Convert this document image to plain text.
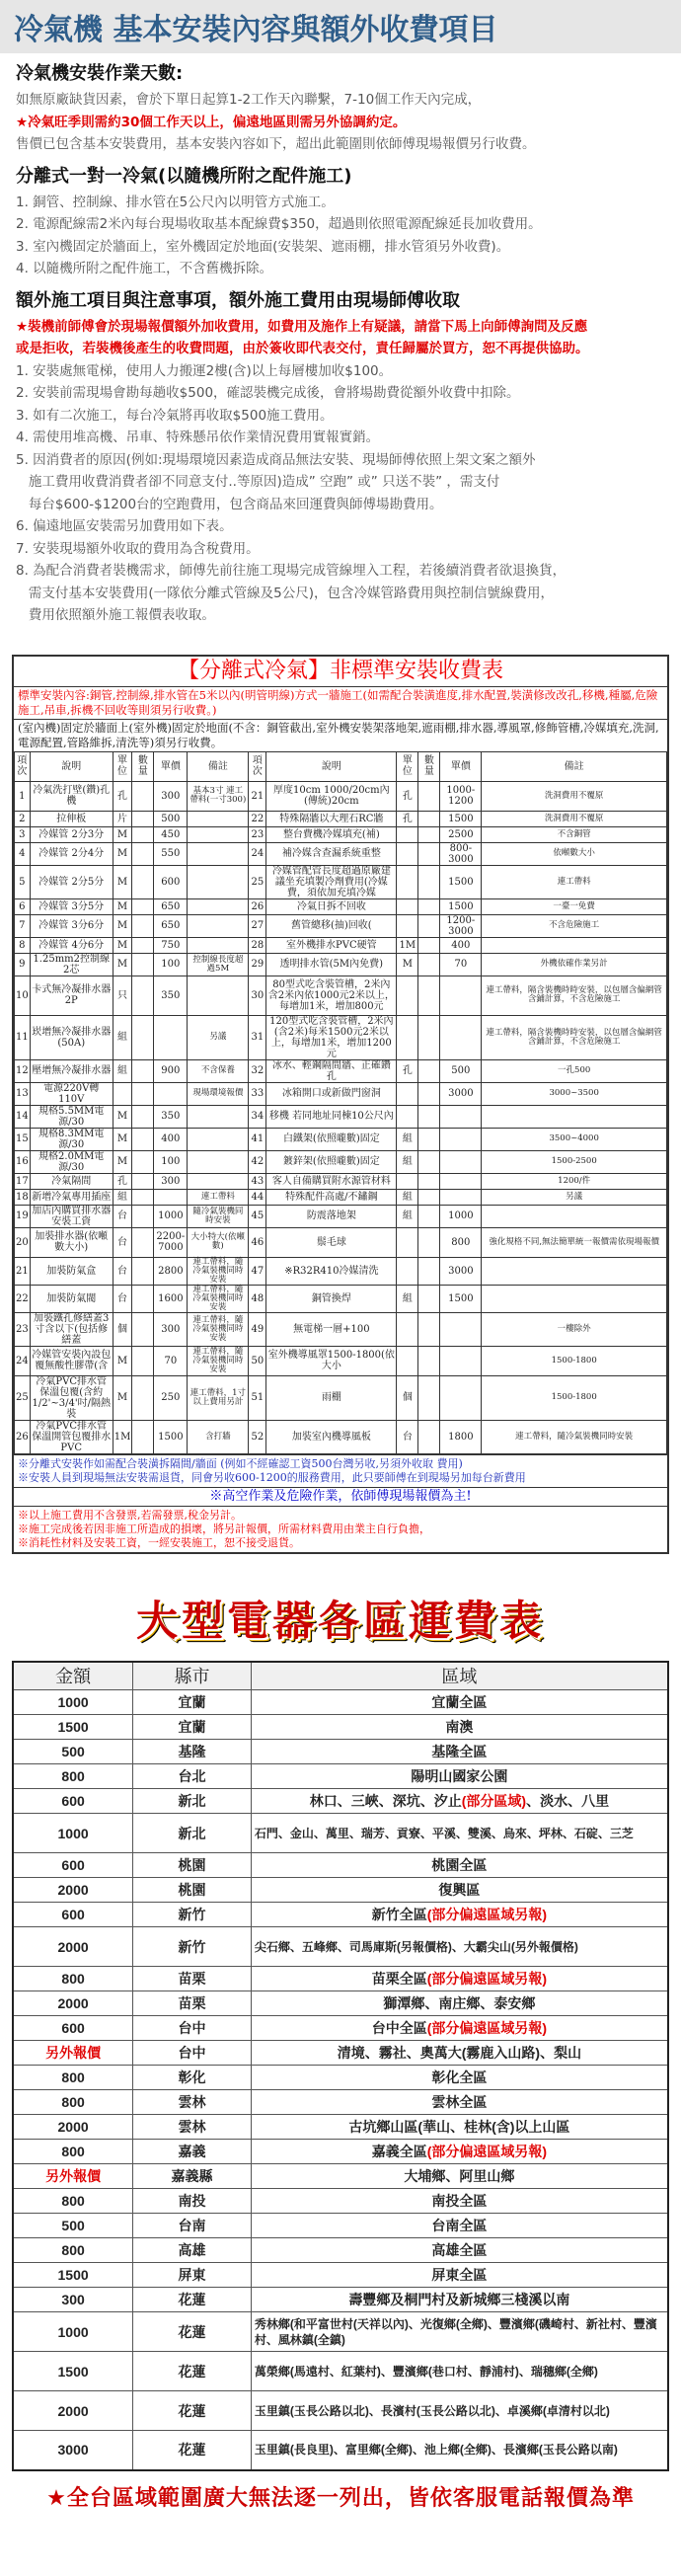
冷氣機 基本安裝內容與額外收費項目
冷氣機安裝作業天數:
如無原廠缺貨因素，會於下單日起算1-2工作天內聯繫，7-10個工作天內完成，
★冷氣旺季則需約30個工作天以上，偏遠地區則需另外協調約定。
售價已包含基本安裝費用，基本安裝內容如下，超出此範圍則依師傅現場報價另行收費。
分離式一對一冷氣(以隨機所附之配件施工)
1. 銅管、控制線、排水管在5公尺內以明管方式施工。
2. 電源配線需2米內每台現場收取基本配線費$350，超過則依照電源配線延長加收費用。
3. 室內機固定於牆面上，室外機固定於地面(安裝架、遮雨棚，排水管須另外收費)。
4. 以隨機所附之配件施工，不含舊機拆除。
額外施工項目與注意事項，額外施工費用由現場師傅收取
★裝機前師傅會於現場報價額外加收費用，如費用及施作上有疑議，請當下馬上向師傅詢問及反應
或是拒收，若裝機後產生的收費問題，由於簽收即代表交付，責任歸屬於買方，恕不再提供協助。
1. 安裝處無電梯，使用人力搬運2樓(含)以上每層樓加收$100。
2. 安裝前需現場會勘每趟收$500，確認裝機完成後，會將場勘費從額外收費中扣除。
3. 如有二次施工，每台冷氣將再收取$500施工費用。
4. 需使用堆高機、吊車、特殊懸吊依作業情況費用實報實銷。
5. 因消費者的原因(例如:現場環境因素造成商品無法安裝、現場師傅依照上架文案之額外
施工費用收費消費者卻不同意支付..等原因)造成” 空跑” 或” 只送不裝” ，需支付
每台$600-$1200台的空跑費用，包含商品來回運費與師傅場勘費用。
6. 偏遠地區安裝需另加費用如下表。
7. 安裝現場額外收取的費用為含稅費用。
8. 為配合消費者裝機需求，師傅先前往施工現場完成管線埋入工程，若後續消費者欲退換貨，
需支付基本安裝費用(一隊依分離式管線及5公尺)，包含冷媒管路費用與控制信號線費用，
費用依照額外施工報價表收取。
【分離式冷氣】非標準安裝收費表
標準安裝內容:銅管,控制線,排水管在5米以內(明管明線)方式一牆施工(如需配合裝潢進度,排水配置,裝潢修改改孔,移機,種屬,危險施工,吊車,拆機不回收等則須另行收費。)
(室內機)固定於牆面上(室外機)固定於地面(不含：銅管截出,室外機安裝架落地架,遮雨棚,排水器,導風罩,修飾管槽,冷媒填充,洗洞,電源配置,管路維拆,清洗等)須另行收費。
項次	說明	單位	數量	單價	備註	項次	說明	單位	數量	單價	備註
1	冷氣洗打壁(鑽)孔機	孔		300	基本3寸 連工帶料(一寸300)	21	厚度10cm 1000/20cm內(傳統)20cm	孔		1000-1200	洗洞費用不覆原
2	拉伸板	片		500		22	特殊隔牆以大理石RC牆	孔		1500	洗洞費用不覆原
3	冷媒管 2分3分	M		450		23	整台費機冷媒填充(補)			2500	不含銅管
4	冷媒管 2分4分	M		550		24	補冷媒含查漏系統重整			800-3000	依噸數大小
5	冷媒管 2分5分	M		600		25	冷媒管配管長度超過原廠建議坐充填製冷劑費用(冷媒費，須依加充填冷媒			1500	連工帶料
6	冷媒管 3分5分	M		650		26	冷氣日拆不回收			1500	一臺一免費
7	冷媒管 3分6分	M		650		27	舊管總移(抽)回收(			1200-3000	不含危險施工
8	冷媒管 4分6分	M		750		28	室外機排水PVC硬管	1M		400	
9	1.25mm2控制線2芯	M		100	控制線長度超過5M	29	透明排水管(5M內免費)	M		70	外機依確作業另計
10	卡式無冷凝排水器 2P	只		350		30	80型式吃含裝管槽，2米內含2米內依1000元2米以上，每增加1米，增加800元				連工帶料，隔含裝機時時安裝，以包層含偏網管含鋪計算，不含危險施工
11	崁增無冷凝排水器 (50A)	組			另議	31	120型式吃含裝管槽，2米內(含2米)每米1500元2米以上，每增加1米，增加1200元				連工帶料，隔含裝機時時安裝，以包層含偏網管含鋪計算，不含危險施工
12	壓增無冷凝排水器	組		900	不含保養	32	冰水、輕鋼隔間牆、正確鑽孔	孔		500	一孔500
13	電源220V轉110V				現場環境報價	33	冰箱開口或新做門窗洞			3000	3000~3500
14	規格5.5MM電源/30	M		350		34	移機 若同地址同棟10公尺內				
15	規格8.3MM電源/30	M		400		41	白鐵架(依照嚨數)固定	組			3500~4000
16	規格2.0MM電源/30	M		100		42	鍍鋅架(依照嚨數)固定	組			1500-2500
17	冷氣隔間	孔		300		43	客人自備購買附水源管材料				1200/件
18	新增冷氣專用插座	組			連工帶料	44	特殊配件高處/不鏽鋼	組			另議
19	加店內購買排水器安裝工資	台		1000	隨冷氣裝機同時安裝	45	防震落地架	組		1000	
20	加裝排水器(依噸數大小)	台		2200-7000	大小特大(依噸數)	46	鬃毛球			800	強化規格不同,無法簡單統一報價需依現場報價
21	加裝防氣盒	台		2800	連工帶料，隨冷氣裝機同時安裝	47	※R32R410冷媒清洗			3000	
22	加裝防氣閥	台		1600	連工帶料，隨冷氣裝機同時安裝	48	銅管換焊	組		1500	
23	加裝鐵孔修繕蓋3寸含以下(包括修繕蓋	個		300	連工帶料，隨冷氣裝機同時安裝	49	無電梯一層+100				一樓除外
24	冷媒管安裝內設包覆無酸性膠帶(含	M		70	連工帶料，隨冷氣裝機同時安裝	50	室外機導風罩1500-1800(依大小				1500-1800
25	冷氣PVC排水管保溫包覆(含約1/2'~3/4'吋/隔熱裝	M		250	連工帶料，1寸以上費用另計	51	雨棚	個			1500-1800
26	冷氣PVC排水管保溫開管包覆排水PVC	1M		1500	含打牆	52	加裝室內機導風板	台		1800	連工帶料，隨冷氣裝機同時安裝
※分離式安裝作如需配合裝潢拆隔間/牆面 (例如不經確認工資500台灣另收,另須外收取 費用)
※安裝人員到現場無法安裝需退貨，同會另收600-1200的服務費用，此只要師傅在到現場另加每台新費用
※高空作業及危險作業，依師傅現場報價為主!
※以上施工費用不含發票,若需發票,稅金另計。
※施工完成後若因非施工所造成的損壞，將另計報價，所需材料費用由業主自行負擔，
※消耗性材料及安裝工資，一經安裝施工，恕不接受退貨。
大型電器各區運費表
金額	縣市	區域
1000	宜蘭	宜蘭全區
1500	宜蘭	南澳
500	基隆	基隆全區
800	台北	陽明山國家公園
600	新北	林口、三峽、深坑、汐止(部分區域)、淡水、八里
1000	新北	石門、金山、萬里、瑞芳、貢寮、平溪、雙溪、烏來、坪林、石碇、三芝
600	桃園	桃園全區
2000	桃園	復興區
600	新竹	新竹全區(部分偏遠區域另報)
2000	新竹	尖石鄉、五峰鄉、司馬庫斯(另報價格)、大霸尖山(另外報價格)
800	苗栗	苗栗全區(部分偏遠區域另報)
2000	苗栗	獅潭鄉、南庄鄉、泰安鄉
600	台中	台中全區(部分偏遠區域另報)
另外報價	台中	清境、霧社、奧萬大(霧鹿入山路)、梨山
800	彰化	彰化全區
800	雲林	雲林全區
2000	雲林	古坑鄉山區(華山、桂林(含)以上山區
800	嘉義	嘉義全區(部分偏遠區域另報)
另外報價	嘉義縣	大埔鄉、阿里山鄉
800	南投	南投全區
500	台南	台南全區
800	高雄	高雄全區
1500	屏東	屏東全區
300	花蓮	壽豐鄉及桐門村及新城鄉三棧溪以南
1000	花蓮	秀林鄉(和平富世村(天祥以內)、光復鄉(全鄉)、豐濱鄉(磯崎村、新社村、豐濱村、風林鎮(全鎮)
1500	花蓮	萬榮鄉(馬遠村、紅葉村)、豐濱鄉(巷口村、靜浦村)、瑞穗鄉(全鄉)
2000	花蓮	玉里鎮(玉長公路以北)、長濱村(玉長公路以北)、卓溪鄉(卓清村以北)
3000	花蓮	玉里鎮(長良里)、富里鄉(全鄉)、池上鄉(全鄉)、長濱鄉(玉長公路以南)
★全台區域範圍廣大無法逐一列出，皆依客服電話報價為準
